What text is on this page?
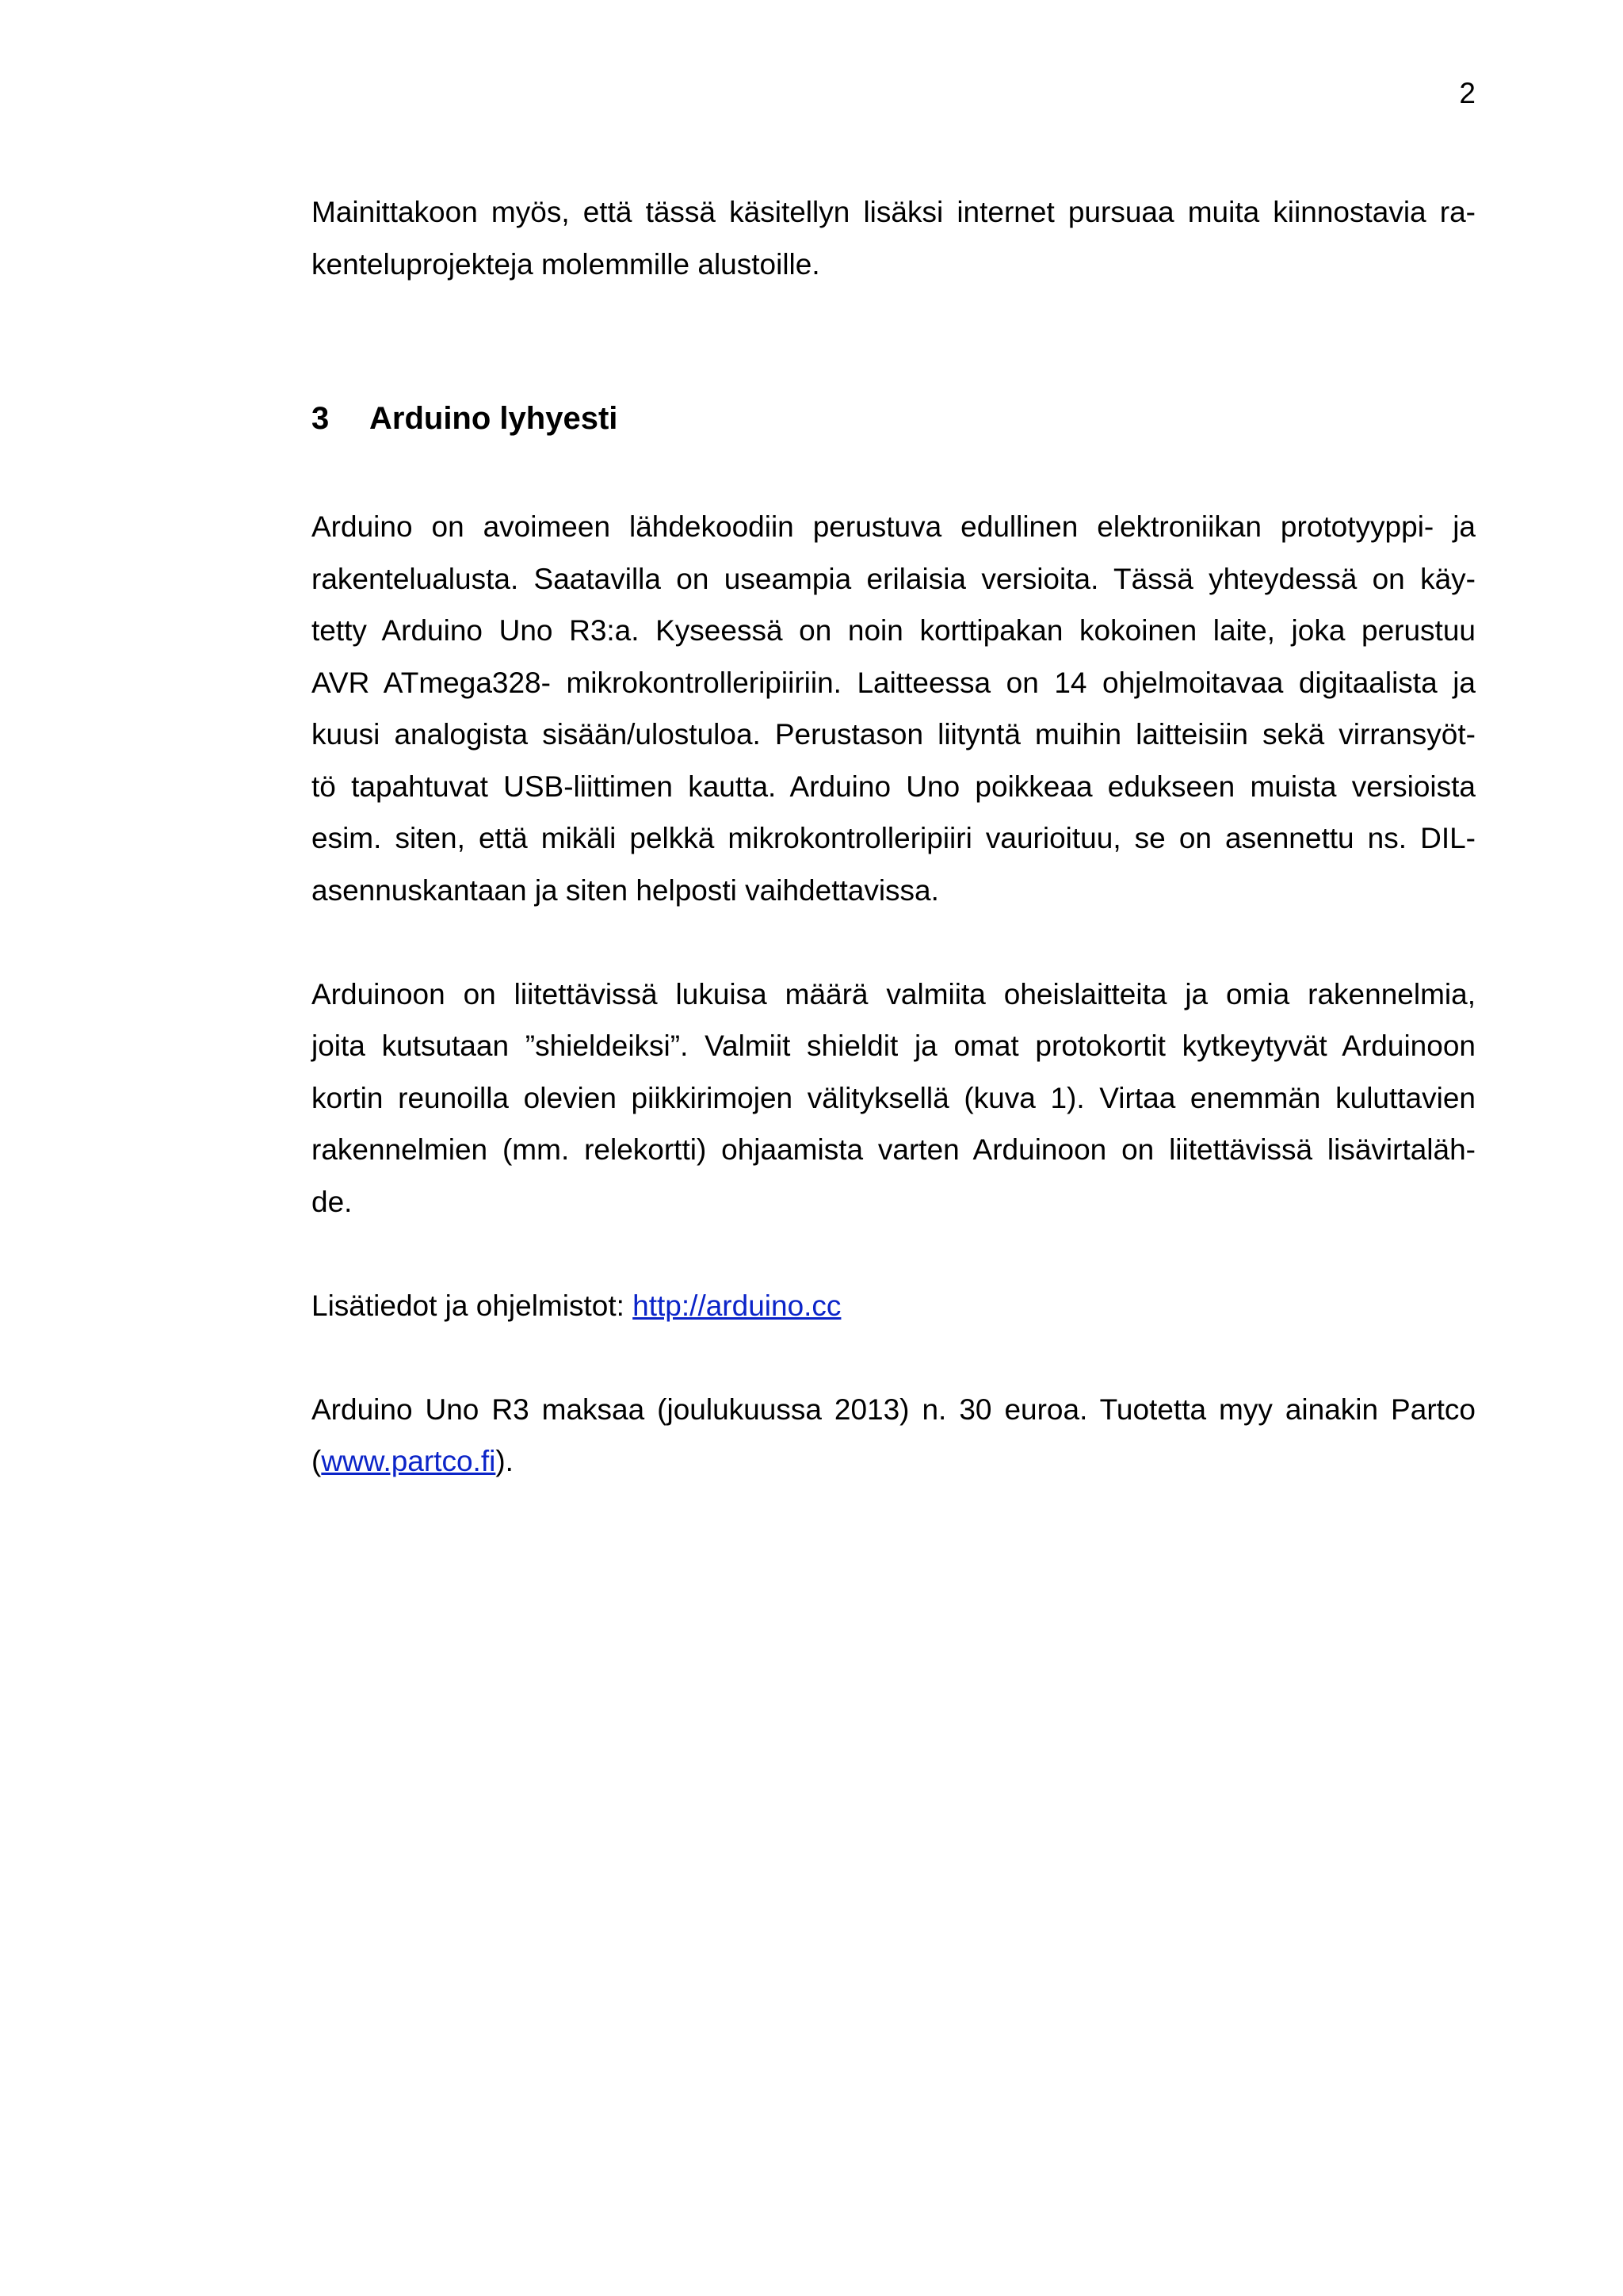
2

Mainittakoon myös, että tässä käsitellyn lisäksi internet pursuaa muita kiinnostavia ra-
kenteluprojekteja molemmille alustoille.

3	Arduino lyhyesti

Arduino on avoimeen lähdekoodiin perustuva edullinen elektroniikan prototyyppi- ja
rakentelualusta. Saatavilla on useampia erilaisia versioita. Tässä yhteydessä on käy-
tetty Arduino Uno R3:a. Kyseessä on noin korttipakan kokoinen laite, joka perustuu
AVR ATmega328- mikrokontrolleripiiriin. Laitteessa on 14 ohjelmoitavaa digitaalista ja
kuusi analogista sisään/ulostuloa. Perustason liityntä muihin laitteisiin sekä virransyöt-
tö tapahtuvat USB-liittimen kautta. Arduino Uno poikkeaa edukseen muista versioista
esim. siten, että mikäli pelkkä mikrokontrolleripiiri vaurioituu, se on asennettu ns. DIL-
asennuskantaan ja siten helposti vaihdettavissa.

Arduinoon on liitettävissä lukuisa määrä valmiita oheislaitteita ja omia rakennelmia,
joita kutsutaan ”shieldeiksi”. Valmiit shieldit ja omat protokortit kytkeytyvät Arduinoon
kortin reunoilla olevien piikkirimojen välityksellä (kuva 1). Virtaa enemmän kuluttavien
rakennelmien (mm. relekortti) ohjaamista varten Arduinoon on liitettävissä lisävirtaläh-
de.

Lisätiedot ja ohjelmistot: http://arduino.cc

Arduino Uno R3 maksaa (joulukuussa 2013) n. 30 euroa. Tuotetta myy ainakin Partco
(www.partco.fi).
